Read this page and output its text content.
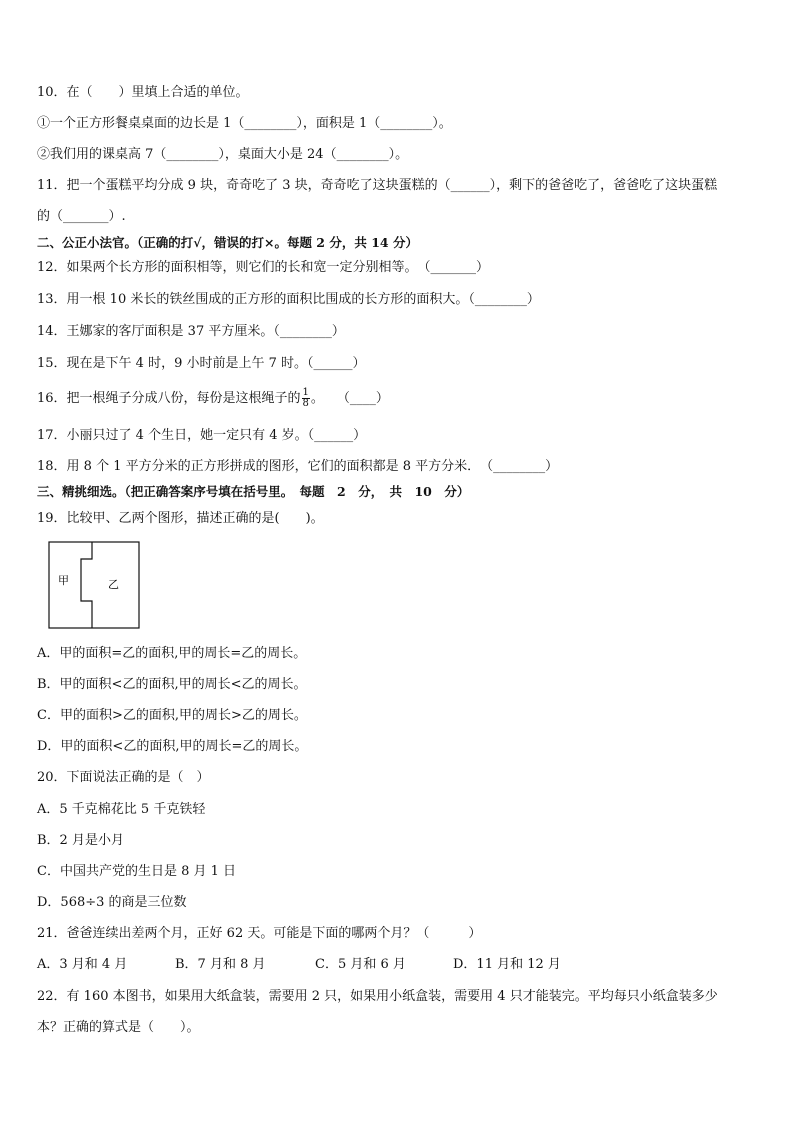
10．在（　　）里填上合适的单位。
①一个正方形餐桌桌面的边长是 1（________），面积是 1（________）。
②我们用的课桌高 7（________），桌面大小是 24（________）。
11．把一个蛋糕平均分成 9 块，奇奇吃了 3 块，奇奇吃了这块蛋糕的（______），剩下的爸爸吃了，爸爸吃了这块蛋糕
的（_______）.
二、公正小法官。（正确的打√，错误的打×。每题 2 分，共 14 分）
12．如果两个长方形的面积相等，则它们的长和宽一定分别相等。　（_______）
13．用一根 10 米长的铁丝围成的正方形的面积比围成的长方形的面积大。（________）
14．王娜家的客厅面积是 37 平方厘米。（________）
15．现在是下午 4 时，9 小时前是上午 7 时。（______）
16．把一根绳子分成八份，每份是这根绳子的 $\frac{1}{8}$ 。　　（____）
17．小丽只过了 4 个生日，她一定只有 4 岁。（______）
18．用 8 个 1 平方分米的正方形拼成的图形，它们的面积都是 8 平方分米．　（________）
三、精挑细选。（把正确答案序号填在括号里。　每题　2　分，　共　10　分）
19．比较甲、乙两个图形，描述正确的是(　　)。
甲	乙
A．甲的面积=乙的面积,甲的周长=乙的周长。
B．甲的面积<乙的面积,甲的周长<乙的周长。
C．甲的面积>乙的面积,甲的周长>乙的周长。
D．甲的面积<乙的面积,甲的周长=乙的周长。
20．下面说法正确的是（　）
A．5 千克棉花比 5 千克铁轻
B．2 月是小月
C．中国共产党的生日是 8 月 1 日
D．568÷3 的商是三位数
21．爸爸连续出差两个月，正好 62 天。可能是下面的哪两个月？（　　　）
A．3 月和 4 月	B．7 月和 8 月	C．5 月和 6 月	D．11 月和 12 月
22．有 160 本图书，如果用大纸盒装，需要用 2 只，如果用小纸盒装，需要用 4 只才能装完。平均每只小纸盒装多少
本？正确的算式是（　　）。
